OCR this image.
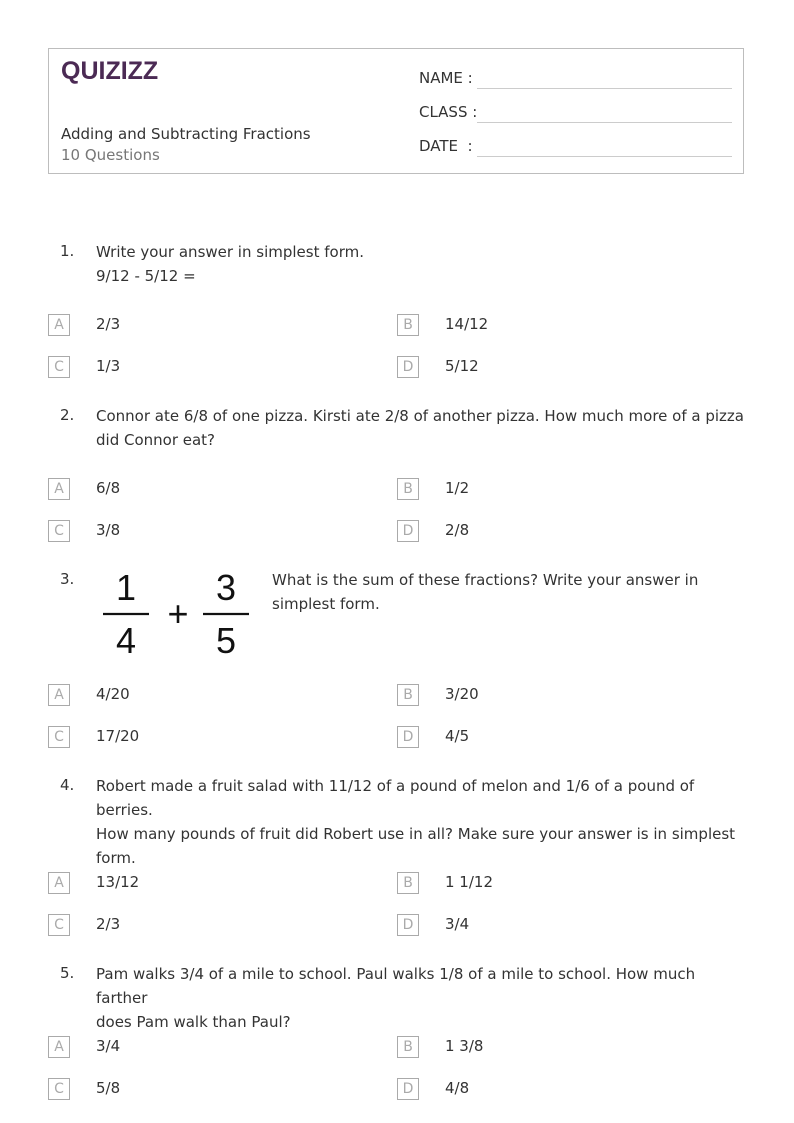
QUIZIZZ
Adding and Subtracting Fractions
10 Questions
NAME :
CLASS :
DATE  :
1. Write your answer in simplest form.
9/12 - 5/12 =
A	2/3	B	14/12
C	1/3	D	5/12
2. Connor ate 6/8 of one pizza. Kirsti ate 2/8 of another pizza. How much more of a pizza
did Connor eat?
A	6/8	B	1/2
C	3/8	D	2/8
3. 1
4
+
3
5
What is the sum of these fractions? Write your answer in
simplest form.
A	4/20	B	3/20
C	17/20	D	4/5
4. Robert made a fruit salad with 11/12 of a pound of melon and 1/6 of a pound of berries.
How many pounds of fruit did Robert use in all? Make sure your answer is in simplest
form.
A	13/12	B	1 1/12
C	2/3	D	3/4
5. Pam walks 3/4 of a mile to school. Paul walks 1/8 of a mile to school. How much farther
does Pam walk than Paul?
A	3/4	B	1 3/8
C	5/8	D	4/8
